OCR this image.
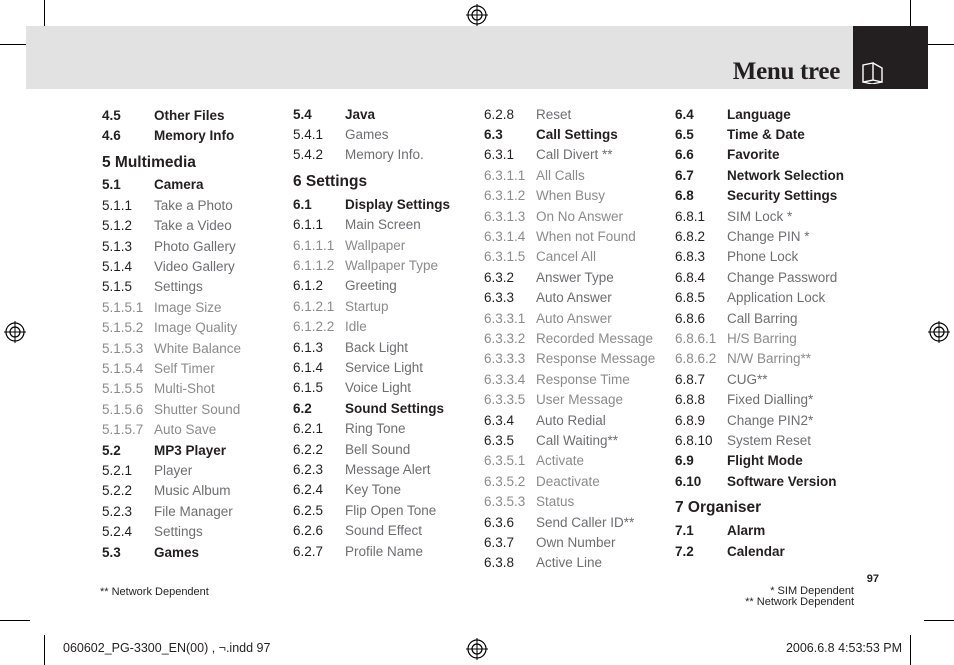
Menu tree
4.5	Other Files
4.6	Memory Info
5 Multimedia
5.1	Camera
5.1.1	Take a Photo
5.1.2	Take a Video
5.1.3	Photo Gallery
5.1.4	Video Gallery
5.1.5	Settings
5.1.5.1 Image Size
5.1.5.2 Image Quality
5.1.5.3 White Balance
5.1.5.4 Self Timer
5.1.5.5 Multi-Shot
5.1.5.6 Shutter Sound
5.1.5.7 Auto Save
5.2	MP3 Player
5.2.1	Player
5.2.2	Music Album
5.2.3	File Manager
5.2.4	Settings
5.3	Games
5.4	Java
5.4.1	Games
5.4.2	Memory Info.
6 Settings
6.1	Display Settings
6.1.1	Main Screen
6.1.1.1 Wallpaper
6.1.1.2 Wallpaper Type
6.1.2	Greeting
6.1.2.1 Startup
6.1.2.2 Idle
6.1.3	Back Light
6.1.4	Service Light
6.1.5	Voice Light
6.2	Sound Settings
6.2.1	Ring Tone
6.2.2	Bell Sound
6.2.3	Message Alert
6.2.4	Key Tone
6.2.5	Flip Open Tone
6.2.6	Sound Effect
6.2.7	Profile Name
6.2.8	Reset
6.3	Call Settings
6.3.1	Call Divert **
6.3.1.1 All Calls
6.3.1.2 When Busy
6.3.1.3 On No Answer
6.3.1.4 When not Found
6.3.1.5 Cancel All
6.3.2	Answer Type
6.3.3	Auto Answer
6.3.3.1 Auto Answer
6.3.3.2 Recorded Message
6.3.3.3 Response Message
6.3.3.4 Response Time
6.3.3.5 User Message
6.3.4	Auto Redial
6.3.5	Call Waiting**
6.3.5.1 Activate
6.3.5.2 Deactivate
6.3.5.3 Status
6.3.6	Send Caller ID**
6.3.7	Own Number
6.3.8	Active Line
6.4	Language
6.5	Time & Date
6.6	Favorite
6.7	Network Selection
6.8	Security Settings
6.8.1	SIM Lock *
6.8.2	Change PIN *
6.8.3	Phone Lock
6.8.4	Change Password
6.8.5	Application Lock
6.8.6	Call Barring
6.8.6.1 H/S Barring
6.8.6.2 N/W Barring**
6.8.7	CUG**
6.8.8	Fixed Dialling*
6.8.9	Change PIN2*
6.8.10	System Reset
6.9	Flight Mode
6.10	Software Version
7 Organiser
7.1	Alarm
7.2	Calendar
** Network Dependent
97
* SIM Dependent
** Network Dependent
060602_PG-3300_EN(00) , ¬.indd 97	2006.6.8 4:53:53 PM
